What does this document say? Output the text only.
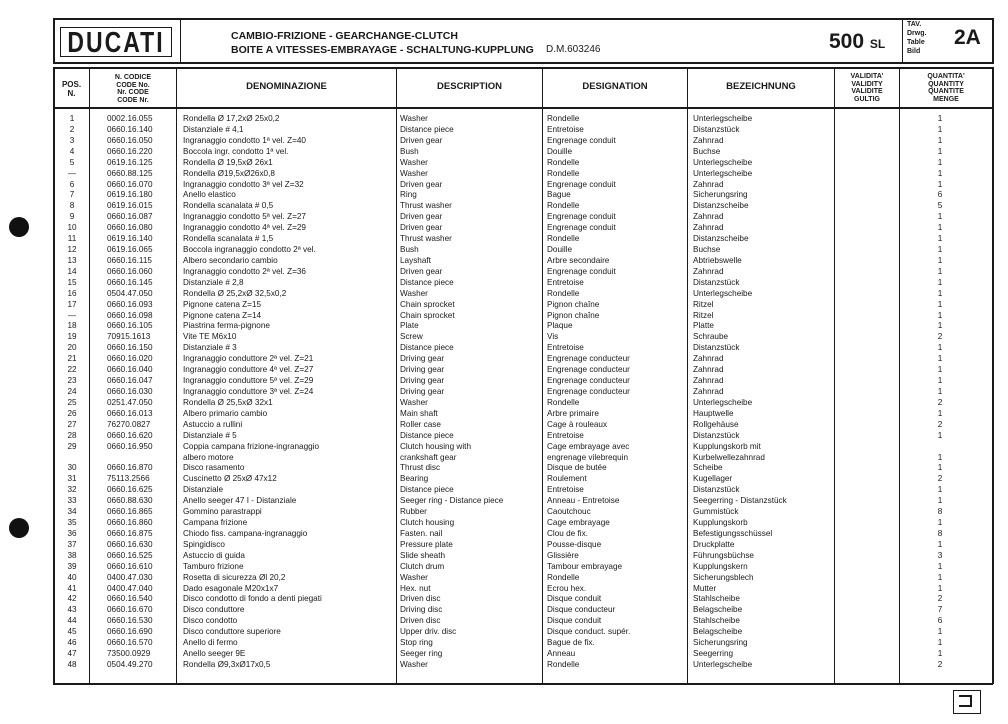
DUCATI	CAMBIO-FRIZIONE - GEARCHANGE-CLUTCH
BOITE A VITESSES-EMBRAYAGE - SCHALTUNG-KUPPLUNG D.M.603246	500 SL
TAV.
Drwg.
Table
Bild
2A
POS.
N.
N. CODICE
CODE No.
Nr. CODE
CODE Nr.
DENOMINAZIONE	DESCRIPTION	DESIGNATION	BEZEICHNUNG
VALIDITA'
VALIDITY
VALIDITE
GULTIG
QUANTITA'
QUANTITY
QUANTITE
MENGE
1	0002.16.055	Rondella Ø 17,2xØ 25x0,2	Washer	Rondelle	Unterlegscheibe	1
2	0660.16.140	Distanziale # 4,1	Distance piece	Entretoise	Distanzstück	1
3	0660.16.050	Ingranaggio condotto 1ª vel. Z=40	Driven gear	Engrenage conduit	Zahnrad	1
4	0660.16.220	Boccola ingr. condotto 1ª vel.	Bush	Douille	Buchse	1
5	0619.16.125	Rondella Ø 19,5xØ 26x1	Washer	Rondelle	Unterlegscheibe	1
—	0660.88.125	Rondella Ø19,5xØ26x0,8	Washer	Rondelle	Unterlegscheibe	1
6	0660.16.070	Ingranaggio condotto 3ª vel Z=32	Driven gear	Engrenage conduit	Zahnrad	1
7	0619.16.180	Anello elastico	Ring	Bague	Sicherungsring	6
8	0619.16.015	Rondella scanalata # 0,5	Thrust washer	Rondelle	Distanzscheibe	5
9	0660.16.087	Ingranaggio condotto 5ª vel. Z=27	Driven gear	Engrenage conduit	Zahnrad	1
10	0660.16.080	Ingranaggio condotto 4ª vel. Z=29	Driven gear	Engrenage conduit	Zahnrad	1
11	0619.16.140	Rondella scanalata # 1,5	Thrust washer	Rondelle	Distanzscheibe	1
12	0619.16.065	Boccola ingranaggio condotto 2ª vel.	Bush	Douille	Buchse	1
13	0660.16.115	Albero secondario cambio	Layshaft	Arbre secondaire	Abtriebswelle	1
14	0660.16.060	Ingranaggio condotto 2ª vel. Z=36	Driven gear	Engrenage conduit	Zahnrad	1
15	0660.16.145	Distanziale # 2,8	Distance piece	Entretoise	Distanzstück	1
16	0504.47.050	Rondella Ø 25,2xØ 32,5x0,2	Washer	Rondelle	Unterlegscheibe	1
17	0660.16.093	Pignone catena Z=15	Chain sprocket	Pignon chaîne	Ritzel	1
—	0660.16.098	Pignone catena Z=14	Chain sprocket	Pignon chaîne	Ritzel	1
18	0660.16.105	Piastrina ferma-pignone	Plate	Plaque	Platte	1
19	70915.1613	Vite TE M6x10	Screw	Vis	Schraube	2
20	0660.16.150	Distanziale # 3	Distance piece	Entretoise	Distanzstück	1
21	0660.16.020	Ingranaggio conduttore 2ª vel. Z=21	Driving gear	Engrenage conducteur	Zahnrad	1
22	0660.16.040	Ingranaggio conduttore 4ª vel. Z=27	Driving gear	Engrenage conducteur	Zahnrad	1
23	0660.16.047	Ingranaggio conduttore 5ª vel. Z=29	Driving gear	Engrenage conducteur	Zahnrad	1
24	0660.16.030	Ingranaggio conduttore 3ª vel. Z=24	Driving gear	Engrenage conducteur	Zahnrad	1
25	0251.47.050	Rondella Ø 25,5xØ 32x1	Washer	Rondelle	Unterlegscheibe	2
26	0660.16.013	Albero primario cambio	Main shaft	Arbre primaire	Hauptwelle	1
27	76270.0827	Astuccio a rullini	Roller case	Cage à rouleaux	Rollgehäuse	2
28	0660.16.620	Distanziale # 5	Distance piece	Entretoise	Distanzstück	1
29	0660.16.950	Coppia campana frizione-ingranaggio	Clutch housing with	Cage embrayage avec	Kupplungskorb mit
albero motore	crankshaft gear	engrenage vilebrequin	Kurbelwellezahnrad	1
30	0660.16.870	Disco rasamento	Thrust disc	Disque de butée	Scheibe	1
31	75113.2566	Cuscinetto Ø 25xØ 47x12	Bearing	Roulement	Kugellager	2
32	0660.16.625	Distanziale	Distance piece	Entretoise	Distanzstück	1
33	0660.88.630	Anello seeger 47 I - Distanziale	Seeger ring - Distance piece	Anneau - Entretoise	Seegerring - Distanzstück	1
34	0660.16.865	Gommino parastrappi	Rubber	Caoutchouc	Gummistück	8
35	0660.16.860	Campana frizione	Clutch housing	Cage embrayage	Kupplungskorb	1
36	0660.16.875	Chiodo fiss. campana-ingranaggio	Fasten. nail	Clou de fix.	Befestigungsschüssel	8
37	0660.16.630	Spingidisco	Pressure plate	Pousse-disque	Druckplatte	1
38	0660.16.525	Astuccio di guida	Slide sheath	Glissière	Führungsbüchse	3
39	0660.16.610	Tamburo frizione	Clutch drum	Tambour embrayage	Kupplungskern	1
40	0400.47.030	Rosetta di sicurezza Øl 20,2	Washer	Rondelle	Sicherungsblech	1
41	0400.47.040	Dado esagonale M20x1x7	Hex. nut	Ecrou hex.	Mutter	1
42	0660.16.540	Disco condotto di fondo a denti piegati	Driven disc	Disque conduit	Stahlscheibe	2
43	0660.16.670	Disco conduttore	Driving disc	Disque conducteur	Belagscheibe	7
44	0660.16.530	Disco condotto	Driven disc	Disque conduit	Stahlscheibe	6
45	0660.16.690	Disco conduttore superiore	Upper driv. disc	Disque conduct. supér.	Belagscheibe	1
46	0660.16.570	Anello di fermo	Stop ring	Bague de fix.	Sicherungsring	1
47	73500.0929	Anello seeger 9E	Seeger ring	Anneau	Seegerring	1
48	0504.49.270	Rondella Ø9,3xØ17x0,5	Washer	Rondelle	Unterlegscheibe	2
